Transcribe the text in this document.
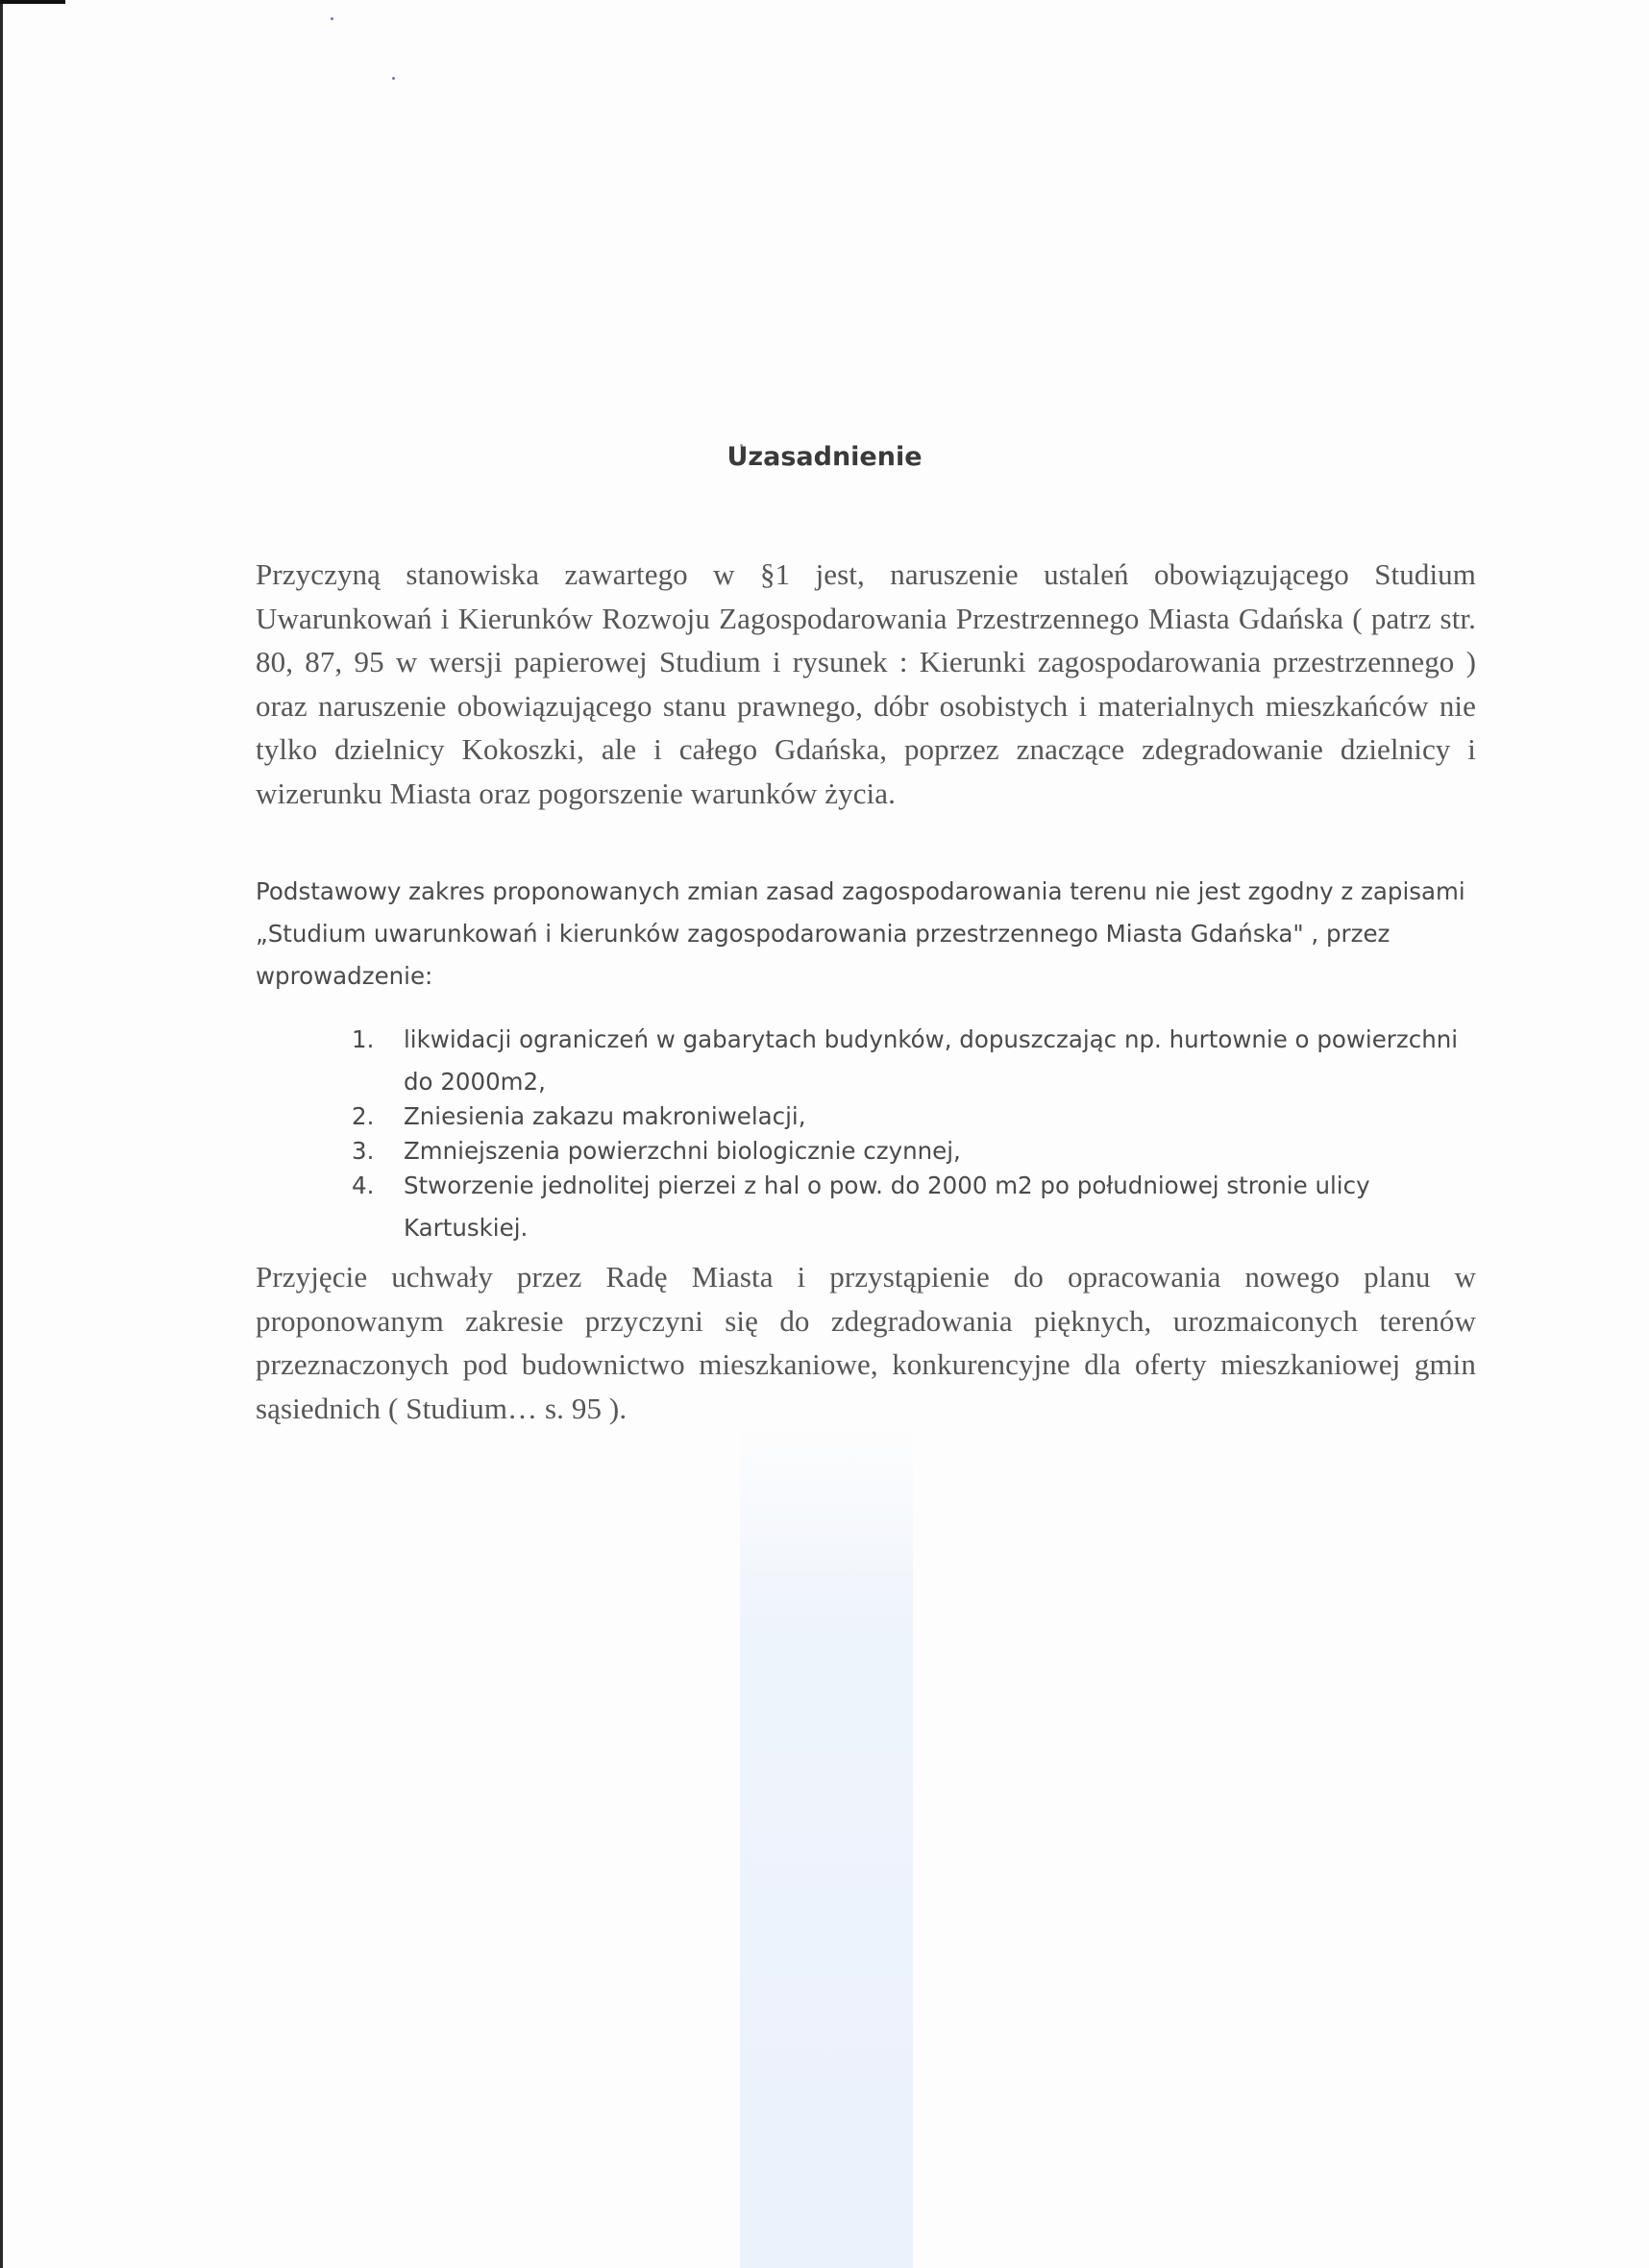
Uzasadnienie

Przyczyną stanowiska zawartego w §1 jest, naruszenie ustaleń obowiązującego Studium Uwarunkowań i Kierunków Rozwoju Zagospodarowania Przestrzennego Miasta Gdańska ( patrz str. 80, 87, 95 w wersji papierowej Studium i rysunek : Kierunki zagospodarowania przestrzennego ) oraz naruszenie obowiązującego stanu prawnego, dóbr osobistych i materialnych mieszkańców nie tylko dzielnicy Kokoszki, ale i całego Gdańska, poprzez znaczące zdegradowanie dzielnicy i wizerunku Miasta oraz pogorszenie warunków życia.

Podstawowy zakres proponowanych zmian zasad zagospodarowania terenu nie jest zgodny z zapisami „Studium uwarunkowań i kierunków zagospodarowania przestrzennego Miasta Gdańska" , przez wprowadzenie:

1. likwidacji ograniczeń w gabarytach budynków, dopuszczając np. hurtownie o powierzchni do 2000m2,
2. Zniesienia zakazu makroniwelacji,
3. Zmniejszenia powierzchni biologicznie czynnej,
4. Stworzenie jednolitej pierzei z hal o pow. do 2000 m2 po południowej stronie ulicy Kartuskiej.

Przyjęcie uchwały przez Radę Miasta i przystąpienie do opracowania nowego planu w proponowanym zakresie przyczyni się do zdegradowania pięknych, urozmaiconych terenów przeznaczonych pod budownictwo mieszkaniowe, konkurencyjne dla oferty mieszkaniowej gmin sąsiednich ( Studium… s. 95 ).
